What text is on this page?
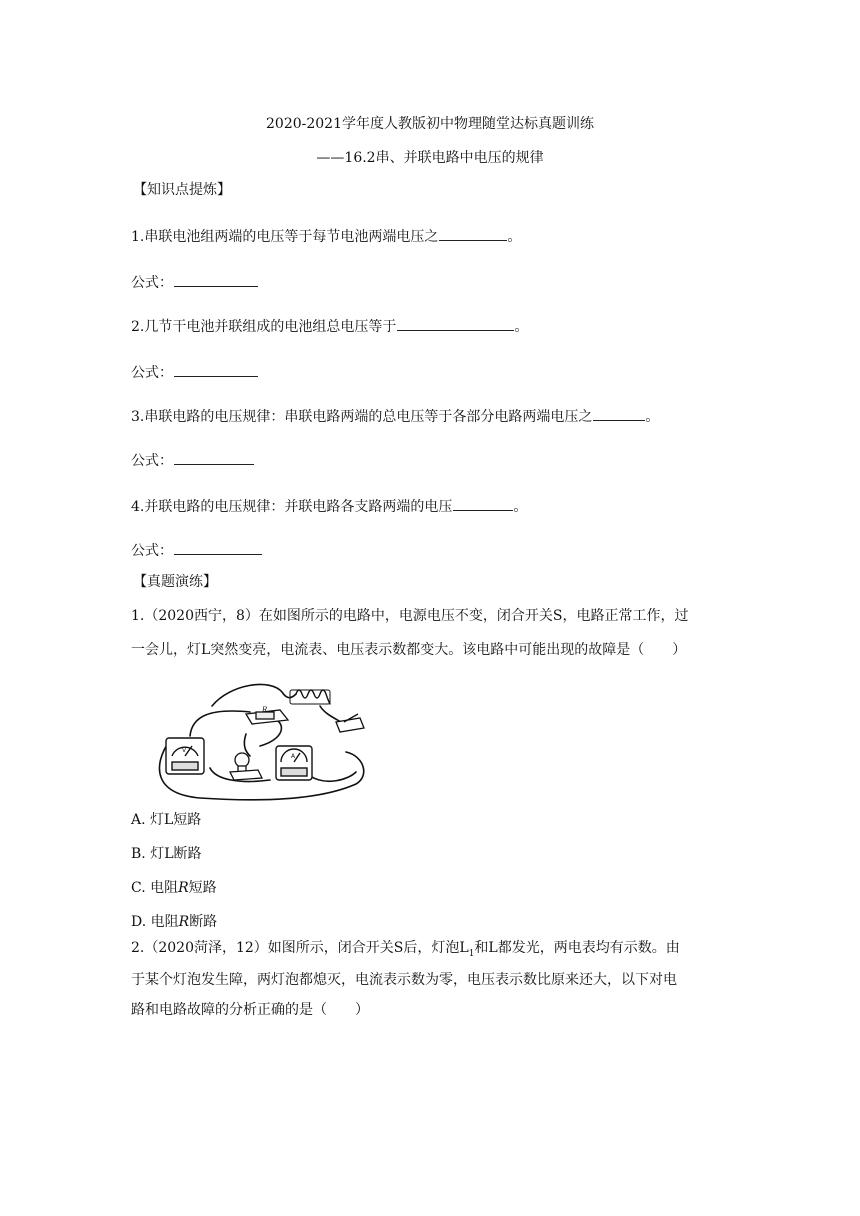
2020-2021学年度人教版初中物理随堂达标真题训练
——16.2串、并联电路中电压的规律
【知识点提炼】
1.串联电池组两端的电压等于每节电池两端电压之	。
公式：
2.几节干电池并联组成的电池组总电压等于	。
公式：
3.串联电路的电压规律：串联电路两端的总电压等于各部分电路两端电压之	。
公式：
4.并联电路的电压规律：并联电路各支路两端的电压	。
公式：
【真题演练】
1.（2020西宁，8）在如图所示的电路中，电源电压不变，闭合开关S，电路正常工作，过
一会儿，灯L突然变亮，电流表、电压表示数都变大。该电路中可能出现的故障是（　　）
R
V
A
A. 灯L短路
B. 灯L断路
C. 电阻R短路
D. 电阻R断路
2.（2020菏泽，12）如图所示，闭合开关S后，灯泡$L_1$和L都发光，两电表均有示数。由
于某个灯泡发生障，两灯泡都熄灭，电流表示数为零，电压表示数比原来还大，以下对电
路和电路故障的分析正确的是（　　）
